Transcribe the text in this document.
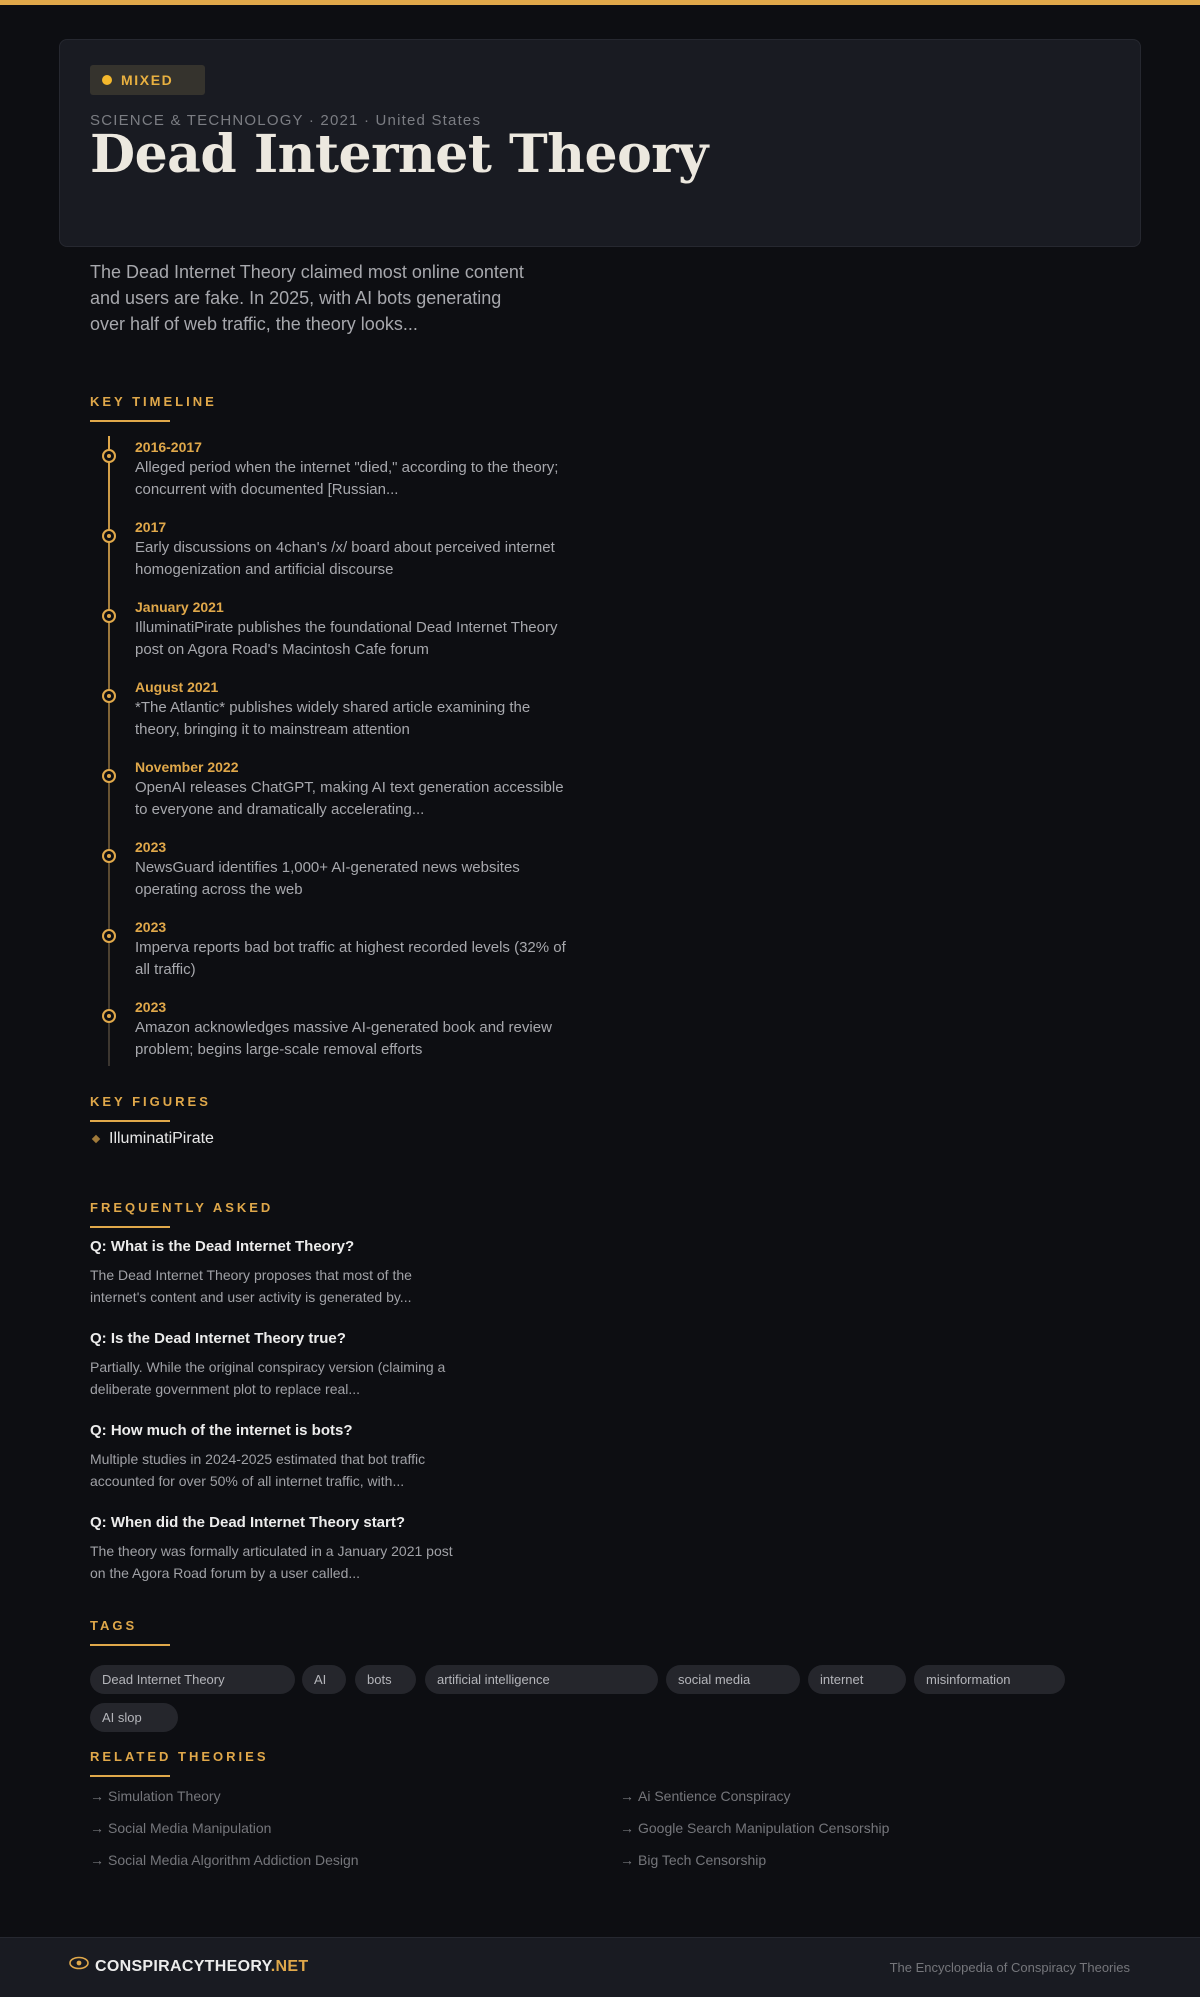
MIXED
SCIENCE & TECHNOLOGY · 2021 · United States
Dead Internet Theory

The Dead Internet Theory claimed most online content and users are fake. In 2025, with AI bots generating over half of web traffic, the theory looks...

KEY TIMELINE
2016-2017

Alleged period when the internet "died," according to the theory; concurrent with documented [Russian...

2017

Early discussions on 4chan's /x/ board about perceived internet homogenization and artificial discourse

January 2021

IlluminatiPirate publishes the foundational Dead Internet Theory post on Agora Road's Macintosh Cafe forum

August 2021

*The Atlantic* publishes widely shared article examining the theory, bringing it to mainstream attention

November 2022

OpenAI releases ChatGPT, making AI text generation accessible to everyone and dramatically accelerating...

2023

NewsGuard identifies 1,000+ AI-generated news websites operating across the web

2023

Imperva reports bad bot traffic at highest recorded levels (32% of all traffic)

2023

Amazon acknowledges massive AI-generated book and review problem; begins large-scale removal efforts

KEY FIGURES
IlluminatiPirate
FREQUENTLY ASKED
Q: What is the Dead Internet Theory?

The Dead Internet Theory proposes that most of the internet's content and user activity is generated by...

Q: Is the Dead Internet Theory true?

Partially. While the original conspiracy version (claiming a deliberate government plot to replace real...

Q: How much of the internet is bots?

Multiple studies in 2024-2025 estimated that bot traffic accounted for over 50% of all internet traffic, with...

Q: When did the Dead Internet Theory start?

The theory was formally articulated in a January 2021 post on the Agora Road forum by a user called...

TAGS
Dead Internet Theory	AI	bots	artificial intelligence	social media	internet	misinformation
AI slop
RELATED THEORIES
→ Simulation Theory	→ Ai Sentience Conspiracy
→ Social Media Manipulation	→ Google Search Manipulation Censorship
→ Social Media Algorithm Addiction Design	→ Big Tech Censorship
CONSPIRACYTHEORY.NET	The Encyclopedia of Conspiracy Theories
